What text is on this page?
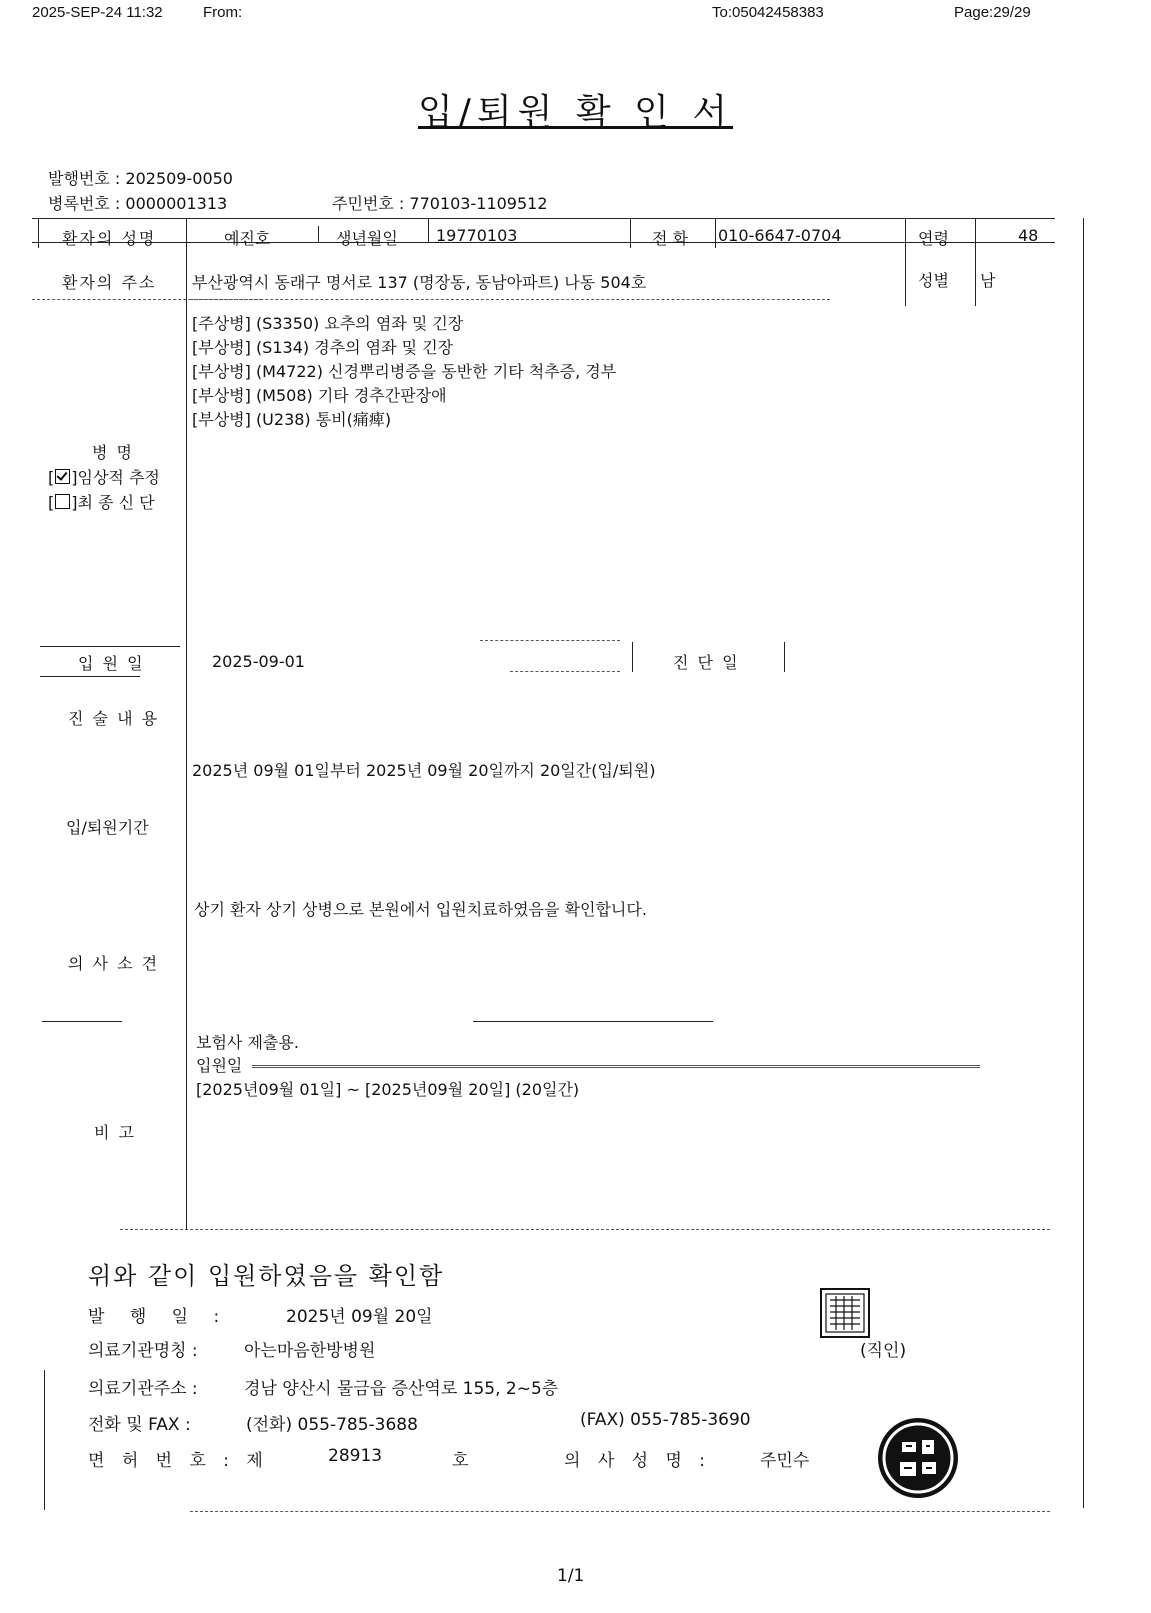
2025-SEP-24 11:32	From:	To:05042458383	Page:29/29
입/퇴원 확 인 서
발행번호 : 202509-0050
병록번호 : 0000001313	주민번호 : 770103-1109512
환자의 성명	예진호	생년월일 19770103	전 화 010-6647-0704	연령	48
환자의 주소 부산광역시 동래구 명서로 137 (명장동, 동남아파트) 나동 504호	성별 남
[주상병] (S3350) 요추의 염좌 및 긴장
[부상병] (S134) 경추의 염좌 및 긴장
[부상병] (M4722) 신경뿌리병증을 동반한 기타 척추증, 경부
[부상병] (M508) 기타 경추간판장애
[부상병] (U238) 통비(痛痺)
병 명
[ ]임상적 추정
[ ]최 종 신 단
입 원 일	2025-09-01	진 단 일
진 술 내 용
2025년 09월 01일부터 2025년 09월 20일까지 20일간(입/퇴원)
입/퇴원기간
상기 환자 상기 상병으로 본원에서 입원치료하였음을 확인합니다.
의 사 소 견
보험사 제출용.
입원일
[2025년09월 01일] ~ [2025년09월 20일] (20일간)
비 고
위와 같이 입원하였음을 확인함
발 행 일 :	2025년 09월 20일
의료기관명칭 :	아는마음한방병원	(직인)
의료기관주소 :	경남 양산시 물금읍 증산역로 155, 2~5층
전화 및 FAX :	(전화) 055-785-3688	(FAX) 055-785-3690
면 허 번 호 : 제	28913	호	의 사 성 명 :	주민수
1/1
